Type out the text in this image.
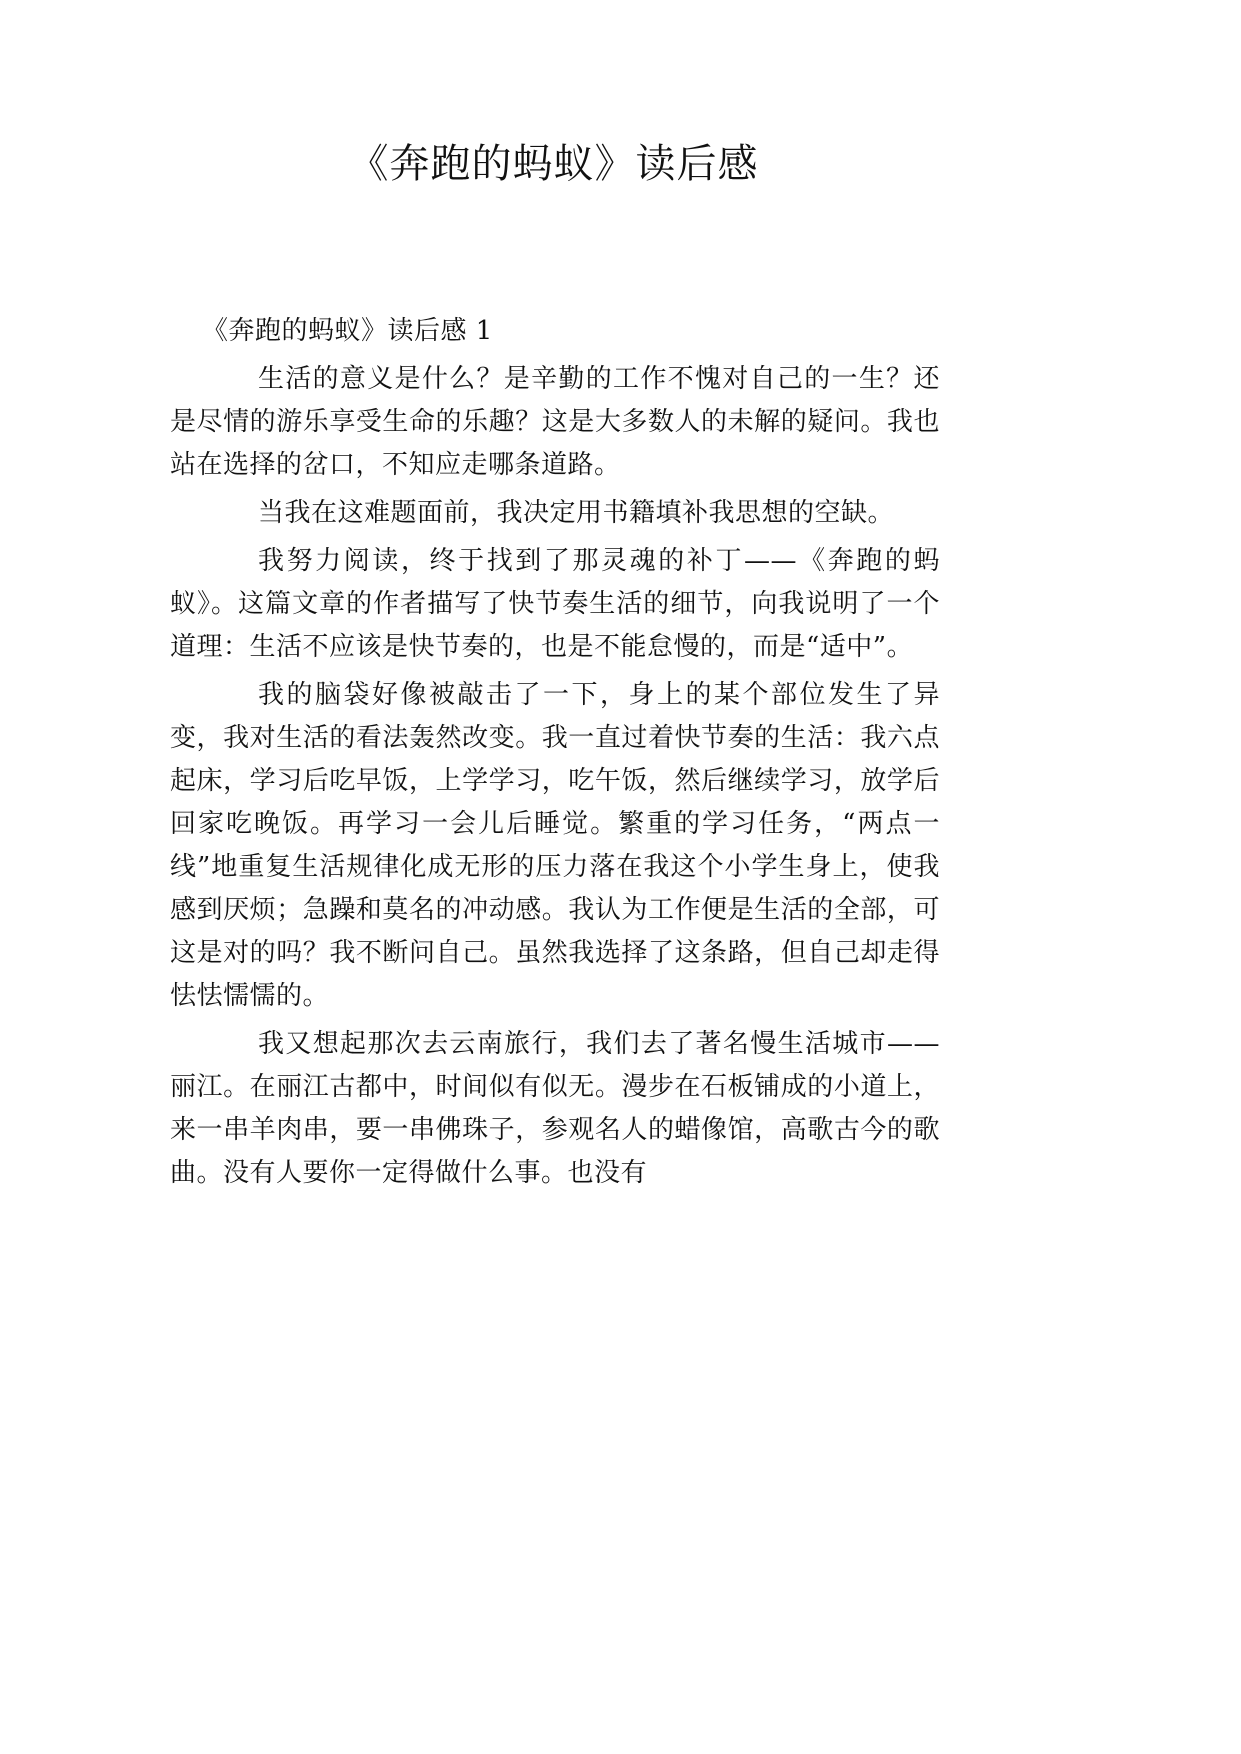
《奔跑的蚂蚁》读后感

《奔跑的蚂蚁》读后感 1

生活的意义是什么？是辛勤的工作不愧对自己的一生？还是尽情的游乐享受生命的乐趣？这是大多数人的未解的疑问。我也站在选择的岔口，不知应走哪条道路。

当我在这难题面前，我决定用书籍填补我思想的空缺。

我努力阅读，终于找到了那灵魂的补丁——《奔跑的蚂蚁》。这篇文章的作者描写了快节奏生活的细节，向我说明了一个道理：生活不应该是快节奏的，也是不能怠慢的，而是“适中”。

我的脑袋好像被敲击了一下，身上的某个部位发生了异变，我对生活的看法轰然改变。我一直过着快节奏的生活：我六点起床，学习后吃早饭，上学学习，吃午饭，然后继续学习，放学后回家吃晚饭。再学习一会儿后睡觉。繁重的学习任务，“两点一线”地重复生活规律化成无形的压力落在我这个小学生身上，使我感到厌烦；急躁和莫名的冲动感。我认为工作便是生活的全部，可这是对的吗？我不断问自己。虽然我选择了这条路，但自己却走得怯怯懦懦的。

我又想起那次去云南旅行，我们去了著名慢生活城市——丽江。在丽江古都中，时间似有似无。漫步在石板铺成的小道上，来一串羊肉串，要一串佛珠子，参观名人的蜡像馆，高歌古今的歌曲。没有人要你一定得做什么事。也没有
